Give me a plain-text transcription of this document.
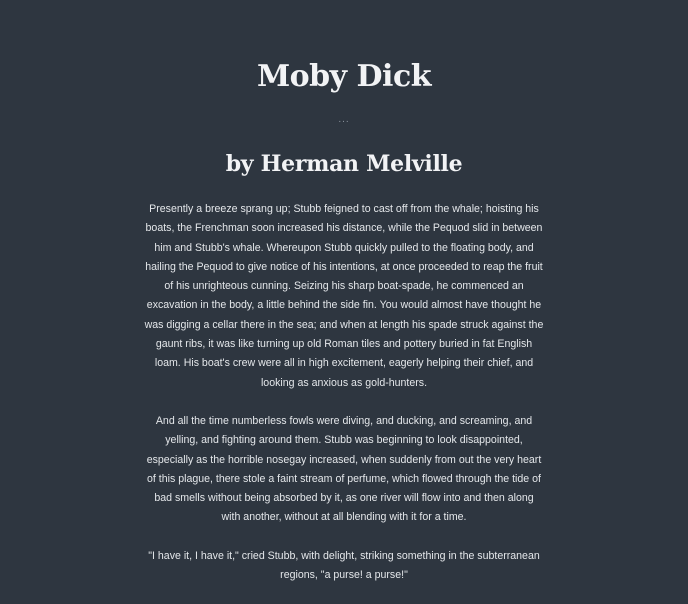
Moby Dick
...
by Herman Melville

Presently a breeze sprang up; Stubb feigned to cast off from the whale; hoisting his boats, the Frenchman soon increased his distance, while the Pequod slid in between him and Stubb's whale. Whereupon Stubb quickly pulled to the floating body, and hailing the Pequod to give notice of his intentions, at once proceeded to reap the fruit of his unrighteous cunning. Seizing his sharp boat-spade, he commenced an excavation in the body, a little behind the side fin. You would almost have thought he was digging a cellar there in the sea; and when at length his spade struck against the gaunt ribs, it was like turning up old Roman tiles and pottery buried in fat English loam. His boat's crew were all in high excitement, eagerly helping their chief, and looking as anxious as gold-hunters.

And all the time numberless fowls were diving, and ducking, and screaming, and yelling, and fighting around them. Stubb was beginning to look disappointed, especially as the horrible nosegay increased, when suddenly from out the very heart of this plague, there stole a faint stream of perfume, which flowed through the tide of bad smells without being absorbed by it, as one river will flow into and then along with another, without at all blending with it for a time.

"I have it, I have it," cried Stubb, with delight, striking something in the subterranean regions, "a purse! a purse!"
